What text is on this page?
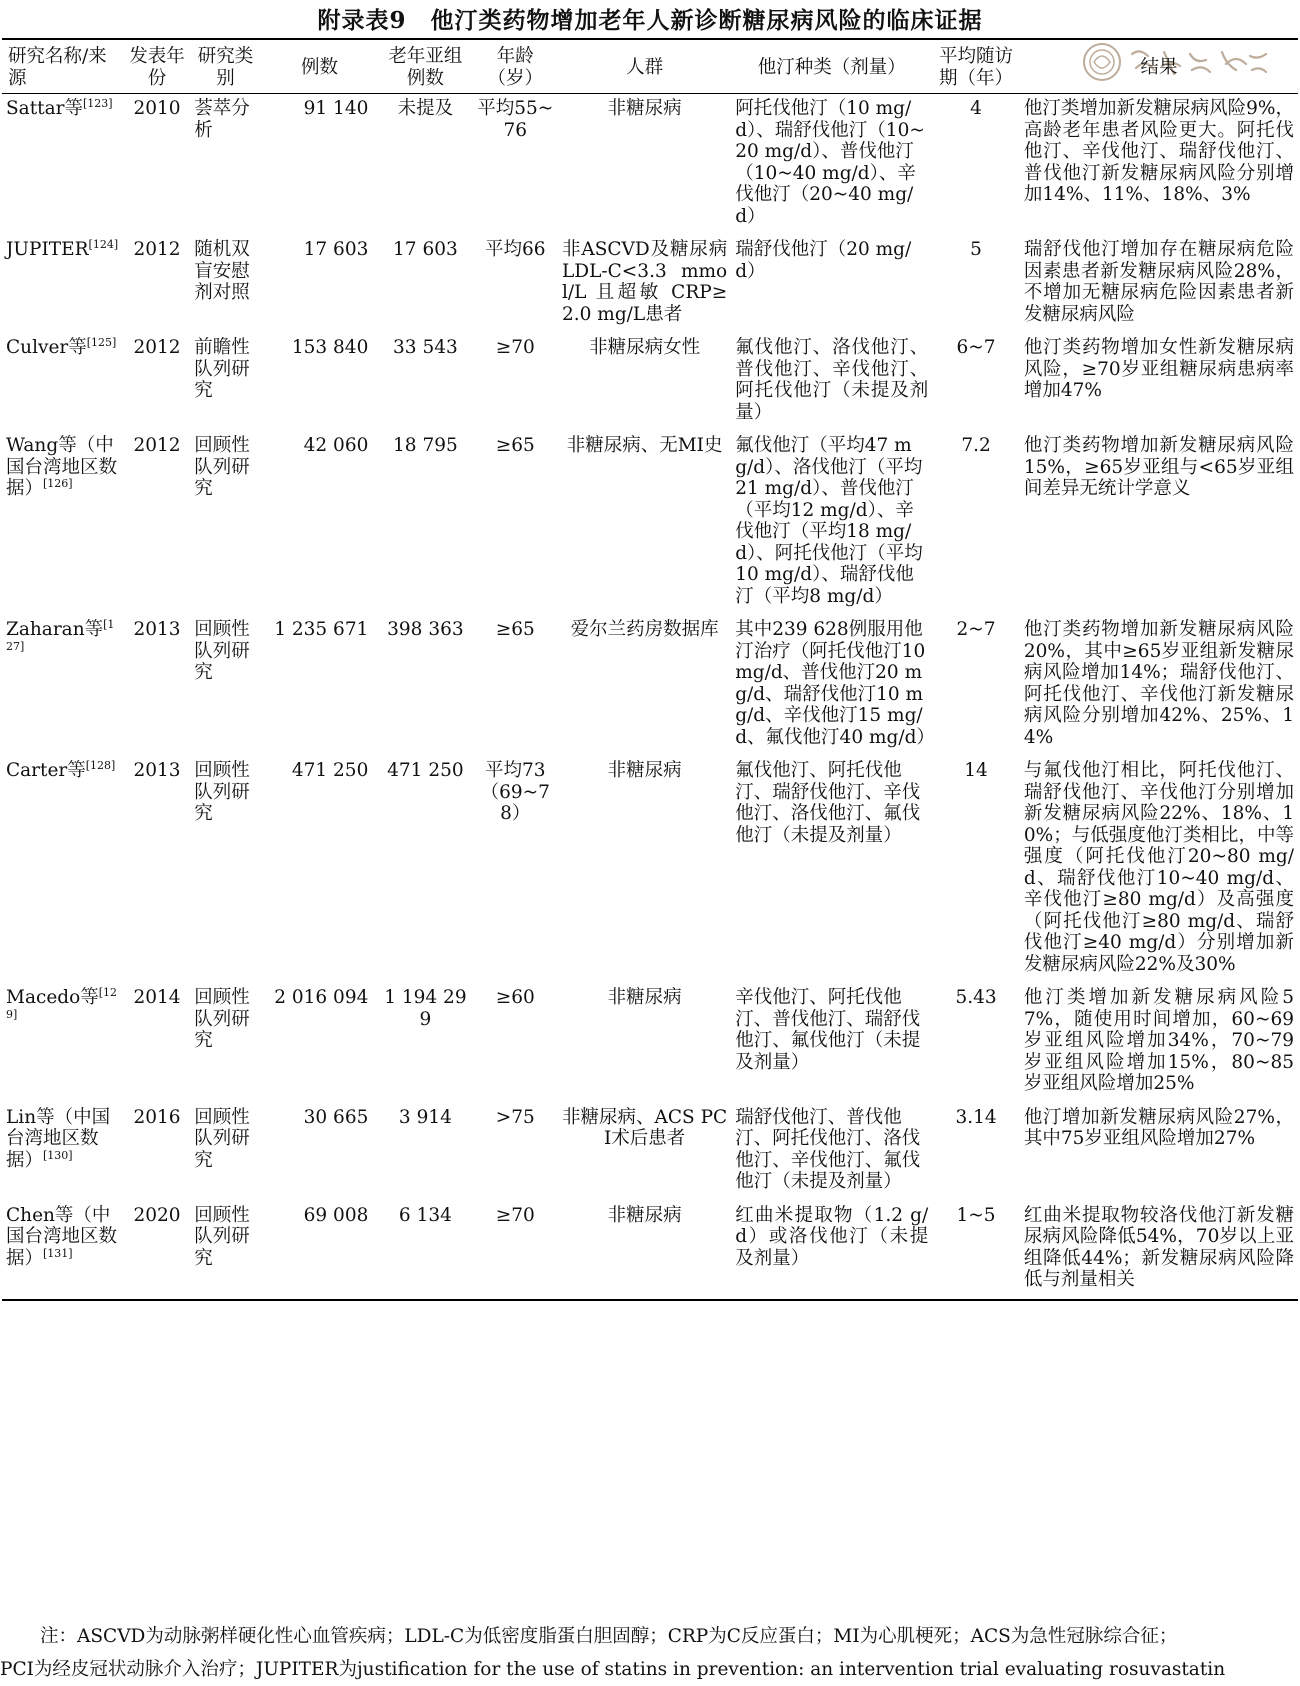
附录表9　他汀类药物增加老年人新诊断糖尿病风险的临床证据
研究名称/来源	发表年份	研究类别	例数	老年亚组例数	年龄（岁）	人群	他汀种类（剂量）	平均随访期（年）	结果
Sattar等[123]	2010	荟萃分析	91 140	未提及	平均55~76	非糖尿病	阿托伐他汀（10 mg/d）、瑞舒伐他汀（10~20 mg/d）、普伐他汀（10~40 mg/d）、辛伐他汀（20~40 mg/d）	4	他汀类增加新发糖尿病风险9%，高龄老年患者风险更大。阿托伐他汀、辛伐他汀、瑞舒伐他汀、普伐他汀新发糖尿病风险分别增加14%、11%、18%、3%
JUPITER[124]	2012	随机双盲安慰剂对照	17 603	17 603	平均66	非ASCVD及糖尿病LDL-C<3.3 mmol/L 且超敏 CRP≥2.0 mg/L患者	瑞舒伐他汀（20 mg/d）	5	瑞舒伐他汀增加存在糖尿病危险因素患者新发糖尿病风险28%，不增加无糖尿病危险因素患者新发糖尿病风险
Culver等[125]	2012	前瞻性队列研究	153 840	33 543	≥70	非糖尿病女性	氟伐他汀、洛伐他汀、普伐他汀、辛伐他汀、阿托伐他汀（未提及剂量）	6~7	他汀类药物增加女性新发糖尿病风险，≥70岁亚组糖尿病患病率增加47%
Wang等（中国台湾地区数据）[126]	2012	回顾性队列研究	42 060	18 795	≥65	非糖尿病、无MI史	氟伐他汀（平均47 mg/d）、洛伐他汀（平均21 mg/d）、普伐他汀（平均12 mg/d）、辛伐他汀（平均18 mg/d）、阿托伐他汀（平均10 mg/d）、瑞舒伐他汀（平均8 mg/d）	7.2	他汀类药物增加新发糖尿病风险15%，≥65岁亚组与<65岁亚组间差异无统计学意义
Zaharan等[127]	2013	回顾性队列研究	1 235 671	398 363	≥65	爱尔兰药房数据库	其中239 628例服用他汀治疗（阿托伐他汀10 mg/d、普伐他汀20 mg/d、瑞舒伐他汀10 mg/d、辛伐他汀15 mg/d、氟伐他汀40 mg/d）	2~7	他汀类药物增加新发糖尿病风险20%，其中≥65岁亚组新发糖尿病风险增加14%；瑞舒伐他汀、阿托伐他汀、辛伐他汀新发糖尿病风险分别增加42%、25%、14%
Carter等[128]	2013	回顾性队列研究	471 250	471 250	平均73（69~78）	非糖尿病	氟伐他汀、阿托伐他汀、瑞舒伐他汀、辛伐他汀、洛伐他汀、氟伐他汀（未提及剂量）	14	与氟伐他汀相比，阿托伐他汀、瑞舒伐他汀、辛伐他汀分别增加新发糖尿病风险22%、18%、10%；与低强度他汀类相比，中等强度（阿托伐他汀20~80 mg/d、瑞舒伐他汀10~40 mg/d、辛伐他汀≥80 mg/d）及高强度（阿托伐他汀≥80 mg/d、瑞舒伐他汀≥40 mg/d）分别增加新发糖尿病风险22%及30%
Macedo等[129]	2014	回顾性队列研究	2 016 094	1 194 299	≥60	非糖尿病	辛伐他汀、阿托伐他汀、普伐他汀、瑞舒伐他汀、氟伐他汀（未提及剂量）	5.43	他汀类增加新发糖尿病风险57%，随使用时间增加，60~69岁亚组风险增加34%，70~79岁亚组风险增加15%，80~85岁亚组风险增加25%
Lin等（中国台湾地区数据）[130]	2016	回顾性队列研究	30 665	3 914	>75	非糖尿病、ACS PCI术后患者	瑞舒伐他汀、普伐他汀、阿托伐他汀、洛伐他汀、辛伐他汀、氟伐他汀（未提及剂量）	3.14	他汀增加新发糖尿病风险27%，其中75岁亚组风险增加27%
Chen等（中国台湾地区数据）[131]	2020	回顾性队列研究	69 008	6 134	≥70	非糖尿病	红曲米提取物（1.2 g/d）或洛伐他汀（未提及剂量）	1~5	红曲米提取物较洛伐他汀新发糖尿病风险降低54%，70岁以上亚组降低44%；新发糖尿病风险降低与剂量相关
注：ASCVD为动脉粥样硬化性心血管疾病；LDL-C为低密度脂蛋白胆固醇；CRP为C反应蛋白；MI为心肌梗死；ACS为急性冠脉综合征；
PCI为经皮冠状动脉介入治疗；JUPITER为justification for the use of statins in prevention: an intervention trial evaluating rosuvastatin
